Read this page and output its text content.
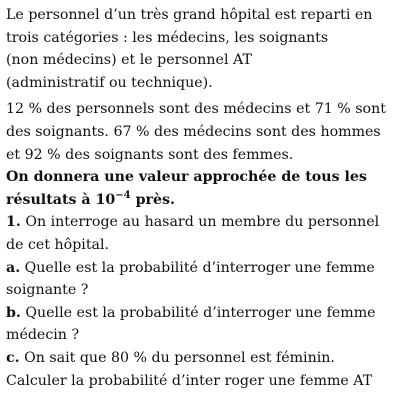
Le personnel d’un très grand hôpital est reparti en
trois catégories : les médecins, les soignants
(non médecins) et le personnel AT
(administratif ou technique).
12 % des personnels sont des médecins et 71 % sont
des soignants. 67 % des médecins sont des hommes
et 92 % des soignants sont des femmes.
On donnera une valeur approchée de tous les
résultats à $10^{-4}$ près.
1. On interroge au hasard un membre du personnel
de cet hôpital.
a. Quelle est la probabilité d’interroger une femme
soignante ?
b. Quelle est la probabilité d’interroger une femme
médecin ?
c. On sait que 80 % du personnel est féminin.
Calculer la probabilité d’inter roger une femme AT
